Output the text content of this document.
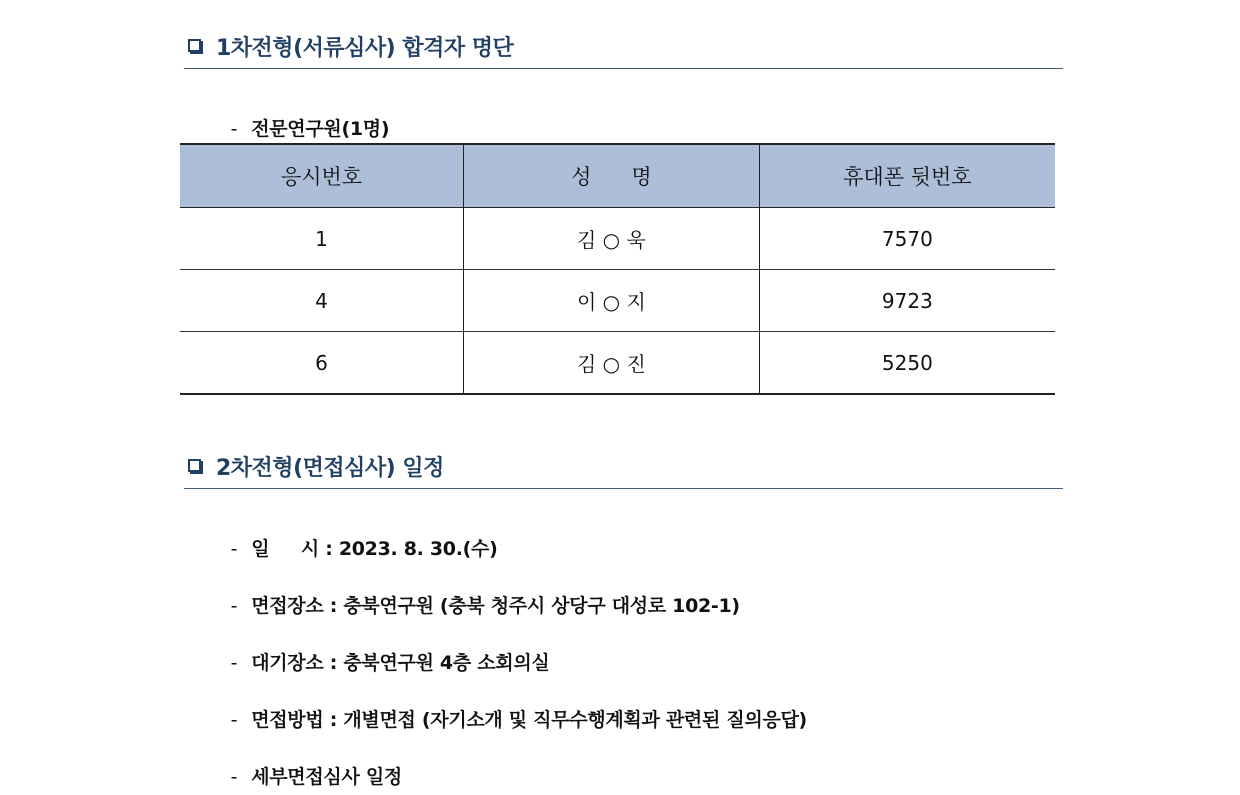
1차전형(서류심사) 합격자 명단

- 전문연구원(1명)

응시번호	성      명	휴대폰 뒷번호
1	김 ○ 욱	7570
4	이 ○ 지	9723
6	김 ○ 진	5250
2차전형(면접심사) 일정

- 일     시 : 2023. 8. 30.(수)

- 면접장소 : 충북연구원 (충북 청주시 상당구 대성로 102-1)

- 대기장소 : 충북연구원 4층 소회의실

- 면접방법 : 개별면접 (자기소개 및 직무수행계획과 관련된 질의응답)

- 세부면접심사 일정
